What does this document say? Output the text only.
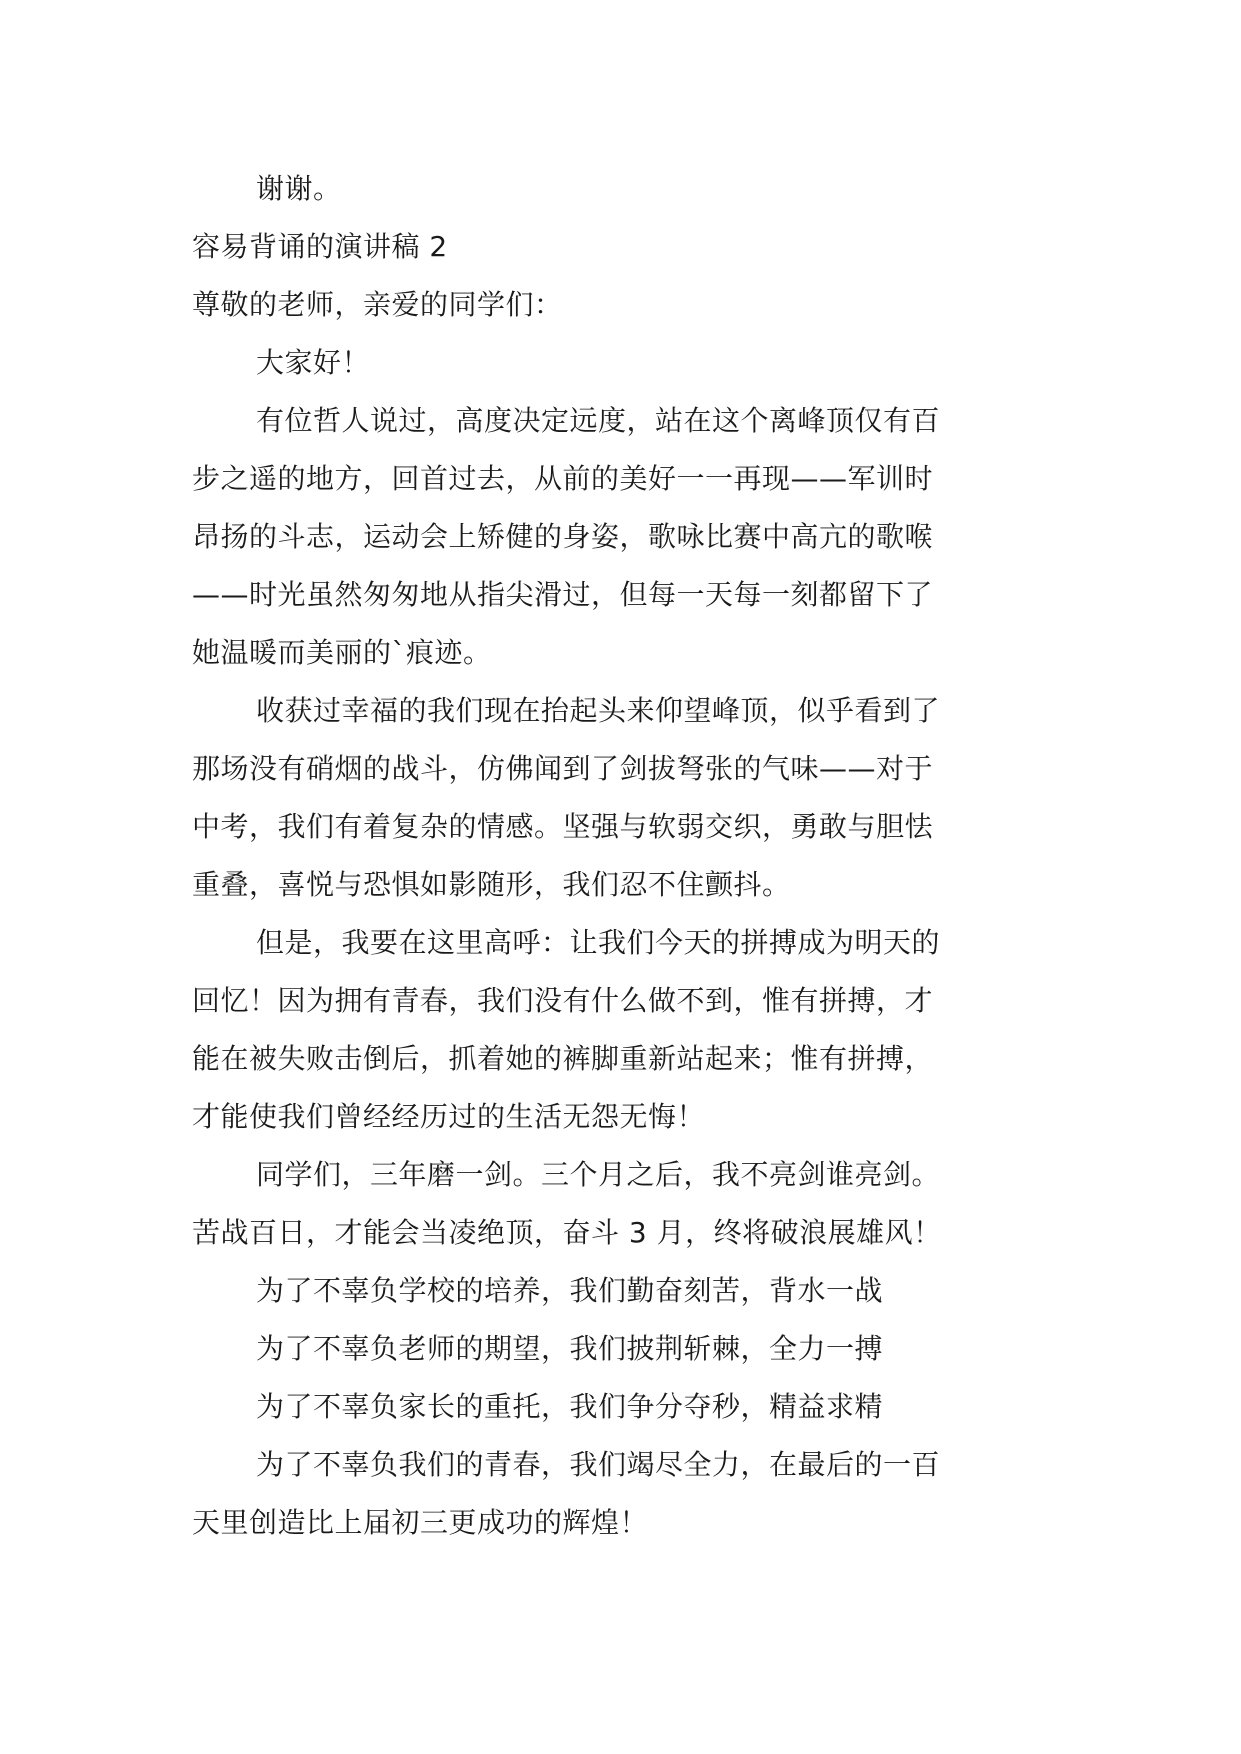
谢谢。
容易背诵的演讲稿 2
尊敬的老师，亲爱的同学们：
大家好！
有位哲人说过，高度决定远度，站在这个离峰顶仅有百
步之遥的地方，回首过去，从前的美好一一再现——军训时
昂扬的斗志，运动会上矫健的身姿，歌咏比赛中高亢的歌喉
——时光虽然匆匆地从指尖滑过，但每一天每一刻都留下了
她温暖而美丽的`痕迹。
收获过幸福的我们现在抬起头来仰望峰顶，似乎看到了
那场没有硝烟的战斗，仿佛闻到了剑拔弩张的气味——对于
中考，我们有着复杂的情感。坚强与软弱交织，勇敢与胆怯
重叠，喜悦与恐惧如影随形，我们忍不住颤抖。
但是，我要在这里高呼：让我们今天的拼搏成为明天的
回忆！因为拥有青春，我们没有什么做不到，惟有拼搏，才
能在被失败击倒后，抓着她的裤脚重新站起来；惟有拼搏，
才能使我们曾经经历过的生活无怨无悔！
同学们，三年磨一剑。三个月之后，我不亮剑谁亮剑。
苦战百日，才能会当凌绝顶，奋斗 3 月，终将破浪展雄风！
为了不辜负学校的培养，我们勤奋刻苦，背水一战
为了不辜负老师的期望，我们披荆斩棘，全力一搏
为了不辜负家长的重托，我们争分夺秒，精益求精
为了不辜负我们的青春，我们竭尽全力，在最后的一百
天里创造比上届初三更成功的辉煌！
